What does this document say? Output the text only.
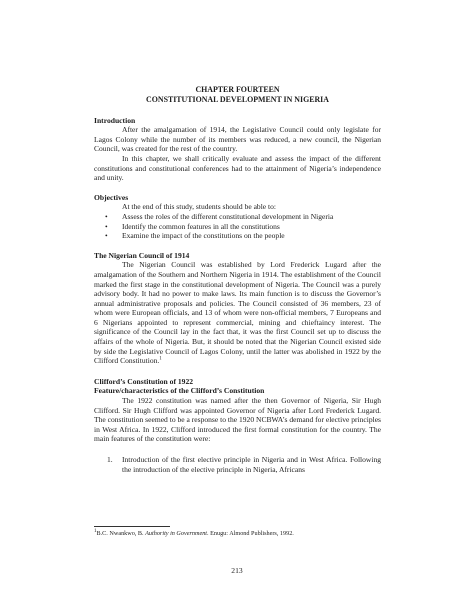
CHAPTER FOURTEEN
CONSTITUTIONAL DEVELOPMENT IN NIGERIA
Introduction

After the amalgamation of 1914, the Legislative Council could only legislate for Lagos Colony while the number of its members was reduced, a new council, the Nigerian Council, was created for the rest of the country.

In this chapter, we shall critically evaluate and assess the impact of the different constitutions and constitutional conferences had to the attainment of Nigeria’s independence and unity.

Objectives

At the end of this study, students should be able to:

• Assess the roles of the different constitutional development in Nigeria
• Identify the common features in all the constitutions
• Examine the impact of the constitutions on the people
The Nigerian Council of 1914

The Nigerian Council was established by Lord Frederick Lugard after the amalgamation of the Southern and Northern Nigeria in 1914. The establishment of the Council marked the first stage in the constitutional development of Nigeria. The Council was a purely advisory body. It had no power to make laws. Its main function is to discuss the Governor’s annual administrative proposals and policies. The Council consisted of 36 members, 23 of whom were European officials, and 13 of whom were non-official members, 7 Europeans and 6 Nigerians appointed to represent commercial, mining and chieftaincy interest. The significance of the Council lay in the fact that, it was the first Council set up to discuss the affairs of the whole of Nigeria. But, it should be noted that the Nigerian Council existed side by side the Legislative Council of Lagos Colony, until the latter was abolished in 1922 by the Clifford Constitution.$^1$

Clifford’s Constitution of 1922
Feature/characteristics of the Clifford’s Constitution

The 1922 constitution was named after the then Governor of Nigeria, Sir Hugh Clifford. Sir Hugh Clifford was appointed Governor of Nigeria after Lord Frederick Lugard. The constitution seemed to be a response to the 1920 NCBWA’s demand for elective principles in West Africa. In 1922, Clifford introduced the first formal constitution for the country. The main features of the constitution were:

1. Introduction of the first elective principle in Nigeria and in West Africa. Following the introduction of the elective principle in Nigeria, Africans
$^1$B.C. Nwankwo, B. Authority in Government. Enugu: Almond Publishers, 1992.
213
